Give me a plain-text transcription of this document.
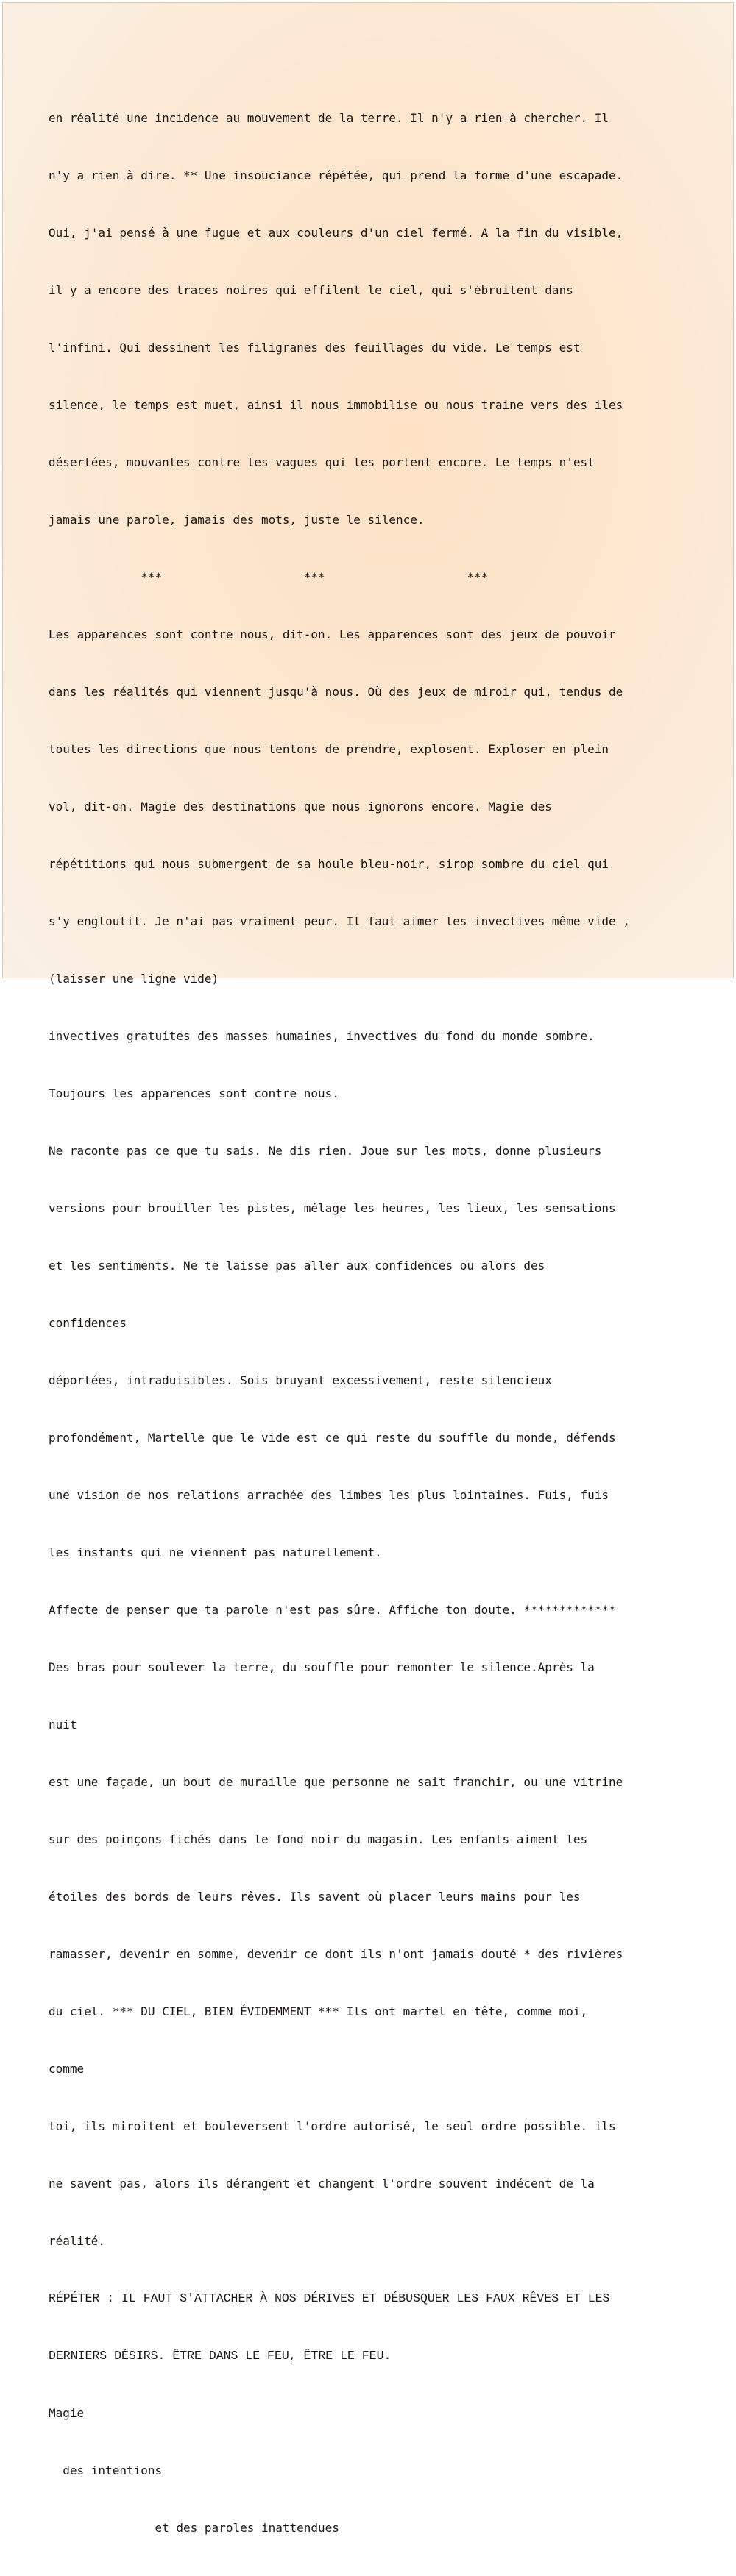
en réalité une incidence au mouvement de la terre. Il n'y a rien à chercher. Il

n'y a rien à dire. ** Une insouciance répétée, qui prend la forme d'une escapade.

Oui, j'ai pensé à une fugue et aux couleurs d'un ciel fermé. A la fin du visible,

il y a encore des traces noires qui effilent le ciel, qui s'ébruitent dans

l'infini. Qui dessinent les filigranes des feuillages du vide. Le temps est

silence, le temps est muet, ainsi il nous immobilise ou nous traine vers des iles

désertées, mouvantes contre les vagues qui les portent encore. Le temps n'est

jamais une parole, jamais des mots, juste le silence.

***                    ***                    ***

Les apparences sont contre nous, dit-on. Les apparences sont des jeux de pouvoir

dans les réalités qui viennent jusqu'à nous. Où des jeux de miroir qui, tendus de

toutes les directions que nous tentons de prendre, explosent. Exploser en plein

vol, dit-on. Magie des destinations que nous ignorons encore. Magie des

répétitions qui nous submergent de sa houle bleu-noir, sirop sombre du ciel qui

s'y engloutit. Je n'ai pas vraiment peur. Il faut aimer les invectives même vide ,

(laisser une ligne vide)

invectives gratuites des masses humaines, invectives du fond du monde sombre.

Toujours les apparences sont contre nous.

Ne raconte pas ce que tu sais. Ne dis rien. Joue sur les mots, donne plusieurs

versions pour brouiller les pistes, mélage les heures, les lieux, les sensations

et les sentiments. Ne te laisse pas aller aux confidences ou alors des

confidences

déportées, intraduisibles. Sois bruyant excessivement, reste silencieux

profondément, Martelle que le vide est ce qui reste du souffle du monde, défends

une vision de nos relations arrachée des limbes les plus lointaines. Fuis, fuis

les instants qui ne viennent pas naturellement.

Affecte de penser que ta parole n'est pas sûre. Affiche ton doute. *************

Des bras pour soulever la terre, du souffle pour remonter le silence.Après la

nuit

est une façade, un bout de muraille que personne ne sait franchir, ou une vitrine

sur des poinçons fichés dans le fond noir du magasin. Les enfants aiment les

étoiles des bords de leurs rêves. Ils savent où placer leurs mains pour les

ramasser, devenir en somme, devenir ce dont ils n'ont jamais douté * des rivières

du ciel. *** DU CIEL, BIEN ÉVIDEMMENT *** Ils ont martel en tête, comme moi,

comme

toi, ils miroitent et bouleversent l'ordre autorisé, le seul ordre possible. ils

ne savent pas, alors ils dérangent et changent l'ordre souvent indécent de la

réalité.

RÉPÉTER : IL FAUT S'ATTACHER À NOS DÉRIVES ET DÉBUSQUER LES FAUX RÊVES ET LES

DERNIERS DÉSIRS. ÊTRE DANS LE FEU, ÊTRE LE FEU.

Magie

des intentions

et des paroles inattendues
